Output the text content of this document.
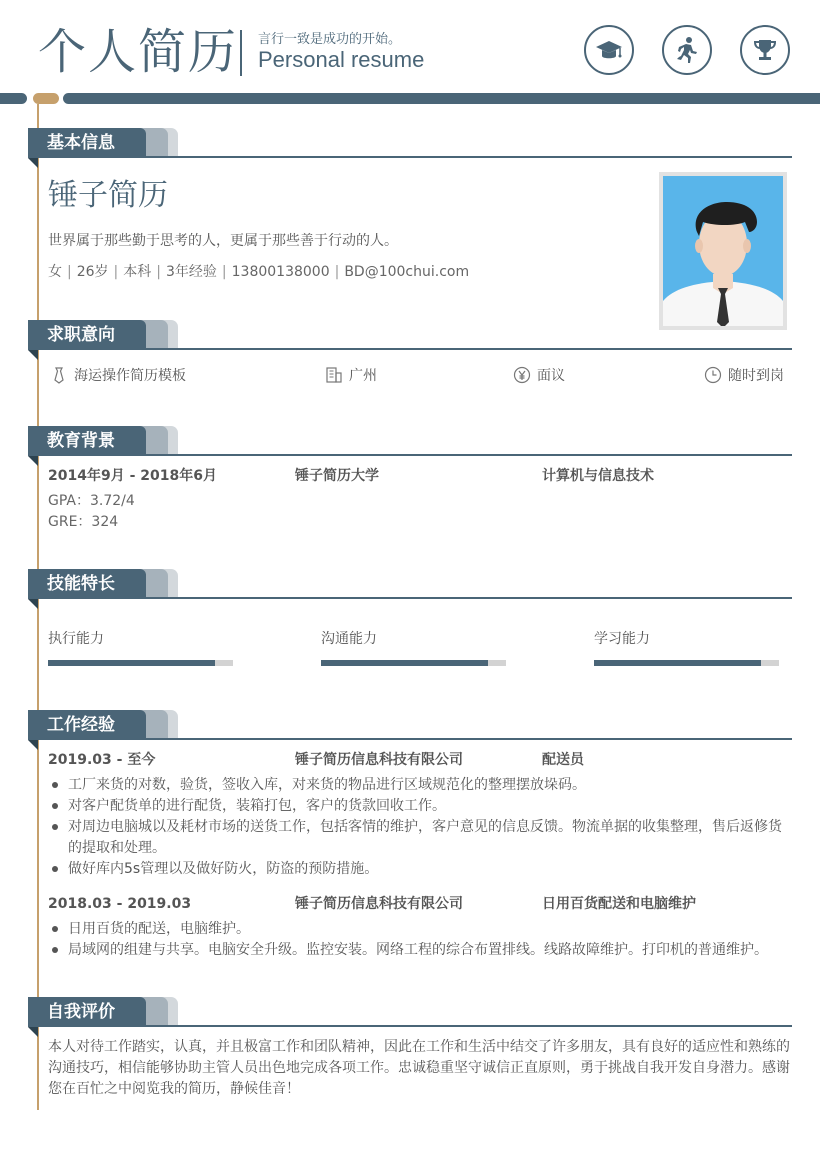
个人简历 言行一致是成功的开始。
Personal resume
基本信息
锤子简历
世界属于那些勤于思考的人，更属于那些善于行动的人。
女 | 26岁 | 本科 | 3年经验 | 13800138000 | BD@100chui.com
求职意向
海运操作简历模板	广州	面议	随时到岗
教育背景
2014年9月 - 2018年6月	锤子简历大学	计算机与信息技术
GPA：3.72/4
GRE：324
技能特长
执行能力	沟通能力	学习能力
工作经验
2019.03 - 至今	锤子简历信息科技有限公司	配送员
工厂来货的对数，验货，签收入库，对来货的物品进行区域规范化的整理摆放垛码。
对客户配货单的进行配货，装箱打包，客户的货款回收工作。
对周边电脑城以及耗材市场的送货工作，包括客情的维护，客户意见的信息反馈。物流单据的收集整理，售后返修货的提取和处理。
做好库内5s管理以及做好防火，防盗的预防措施。
2018.03 - 2019.03	锤子简历信息科技有限公司	日用百货配送和电脑维护
日用百货的配送，电脑维护。
局域网的组建与共享。电脑安全升级。监控安装。网络工程的综合布置排线。线路故障维护。打印机的普通维护。
自我评价
本人对待工作踏实，认真，并且极富工作和团队精神，因此在工作和生活中结交了许多朋友，具有良好的适应性和熟练的沟通技巧，相信能够协助主管人员出色地完成各项工作。忠诚稳重坚守诚信正直原则，勇于挑战自我开发自身潜力。感谢您在百忙之中阅览我的简历，静候佳音！
